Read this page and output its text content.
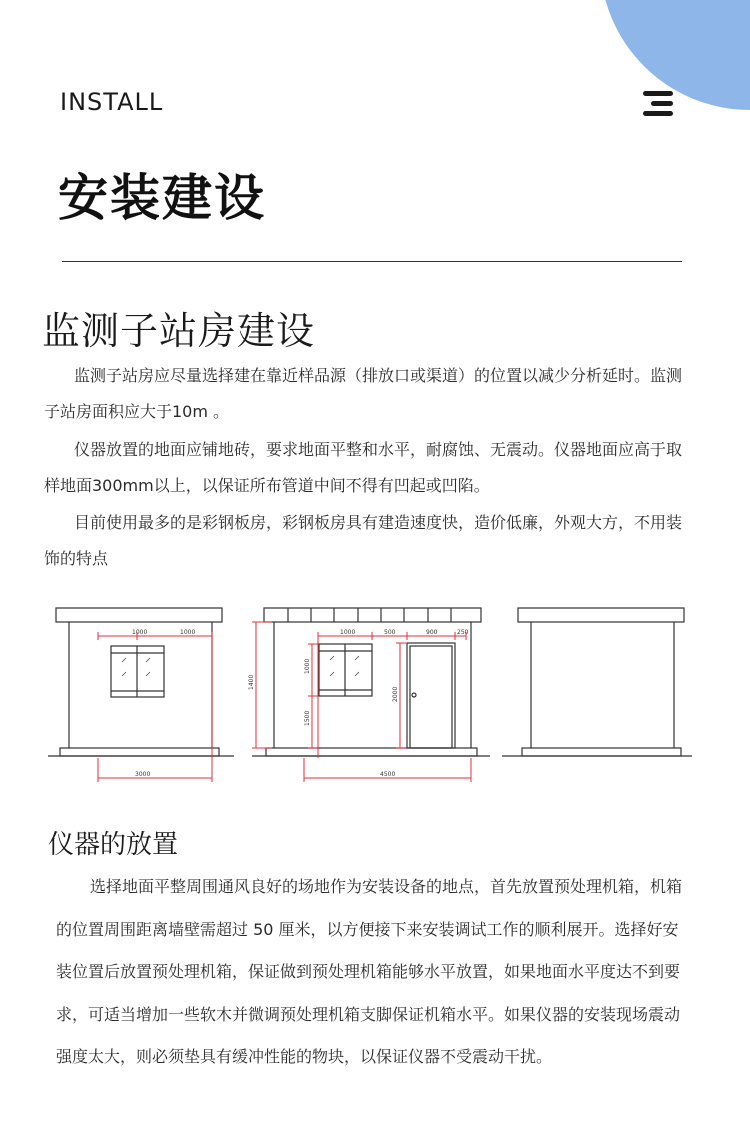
INSTALL
安装建设
监测子站房建设

监测子站房应尽量选择建在靠近样品源（排放口或渠道）的位置以减少分析延时。监测子站房面积应大于10m 。

仪器放置的地面应铺地砖，要求地面平整和水平，耐腐蚀、无震动。仪器地面应高于取样地面300mm以上，以保证所布管道中间不得有凹起或凹陷。

目前使用最多的是彩钢板房，彩钢板房具有建造速度快，造价低廉，外观大方，不用装饰的特点

1000	1000
3000
1000	500	900	250
4500
1400
1000
1500
2000
仪器的放置

选择地面平整周围通风良好的场地作为安装设备的地点，首先放置预处理机箱，机箱的位置周围距离墙壁需超过 50 厘米，以方便接下来安装调试工作的顺利展开。选择好安装位置后放置预处理机箱，保证做到预处理机箱能够水平放置，如果地面水平度达不到要求，可适当增加一些软木并微调预处理机箱支脚保证机箱水平。如果仪器的安装现场震动强度太大，则必须垫具有缓冲性能的物块，以保证仪器不受震动干扰。
